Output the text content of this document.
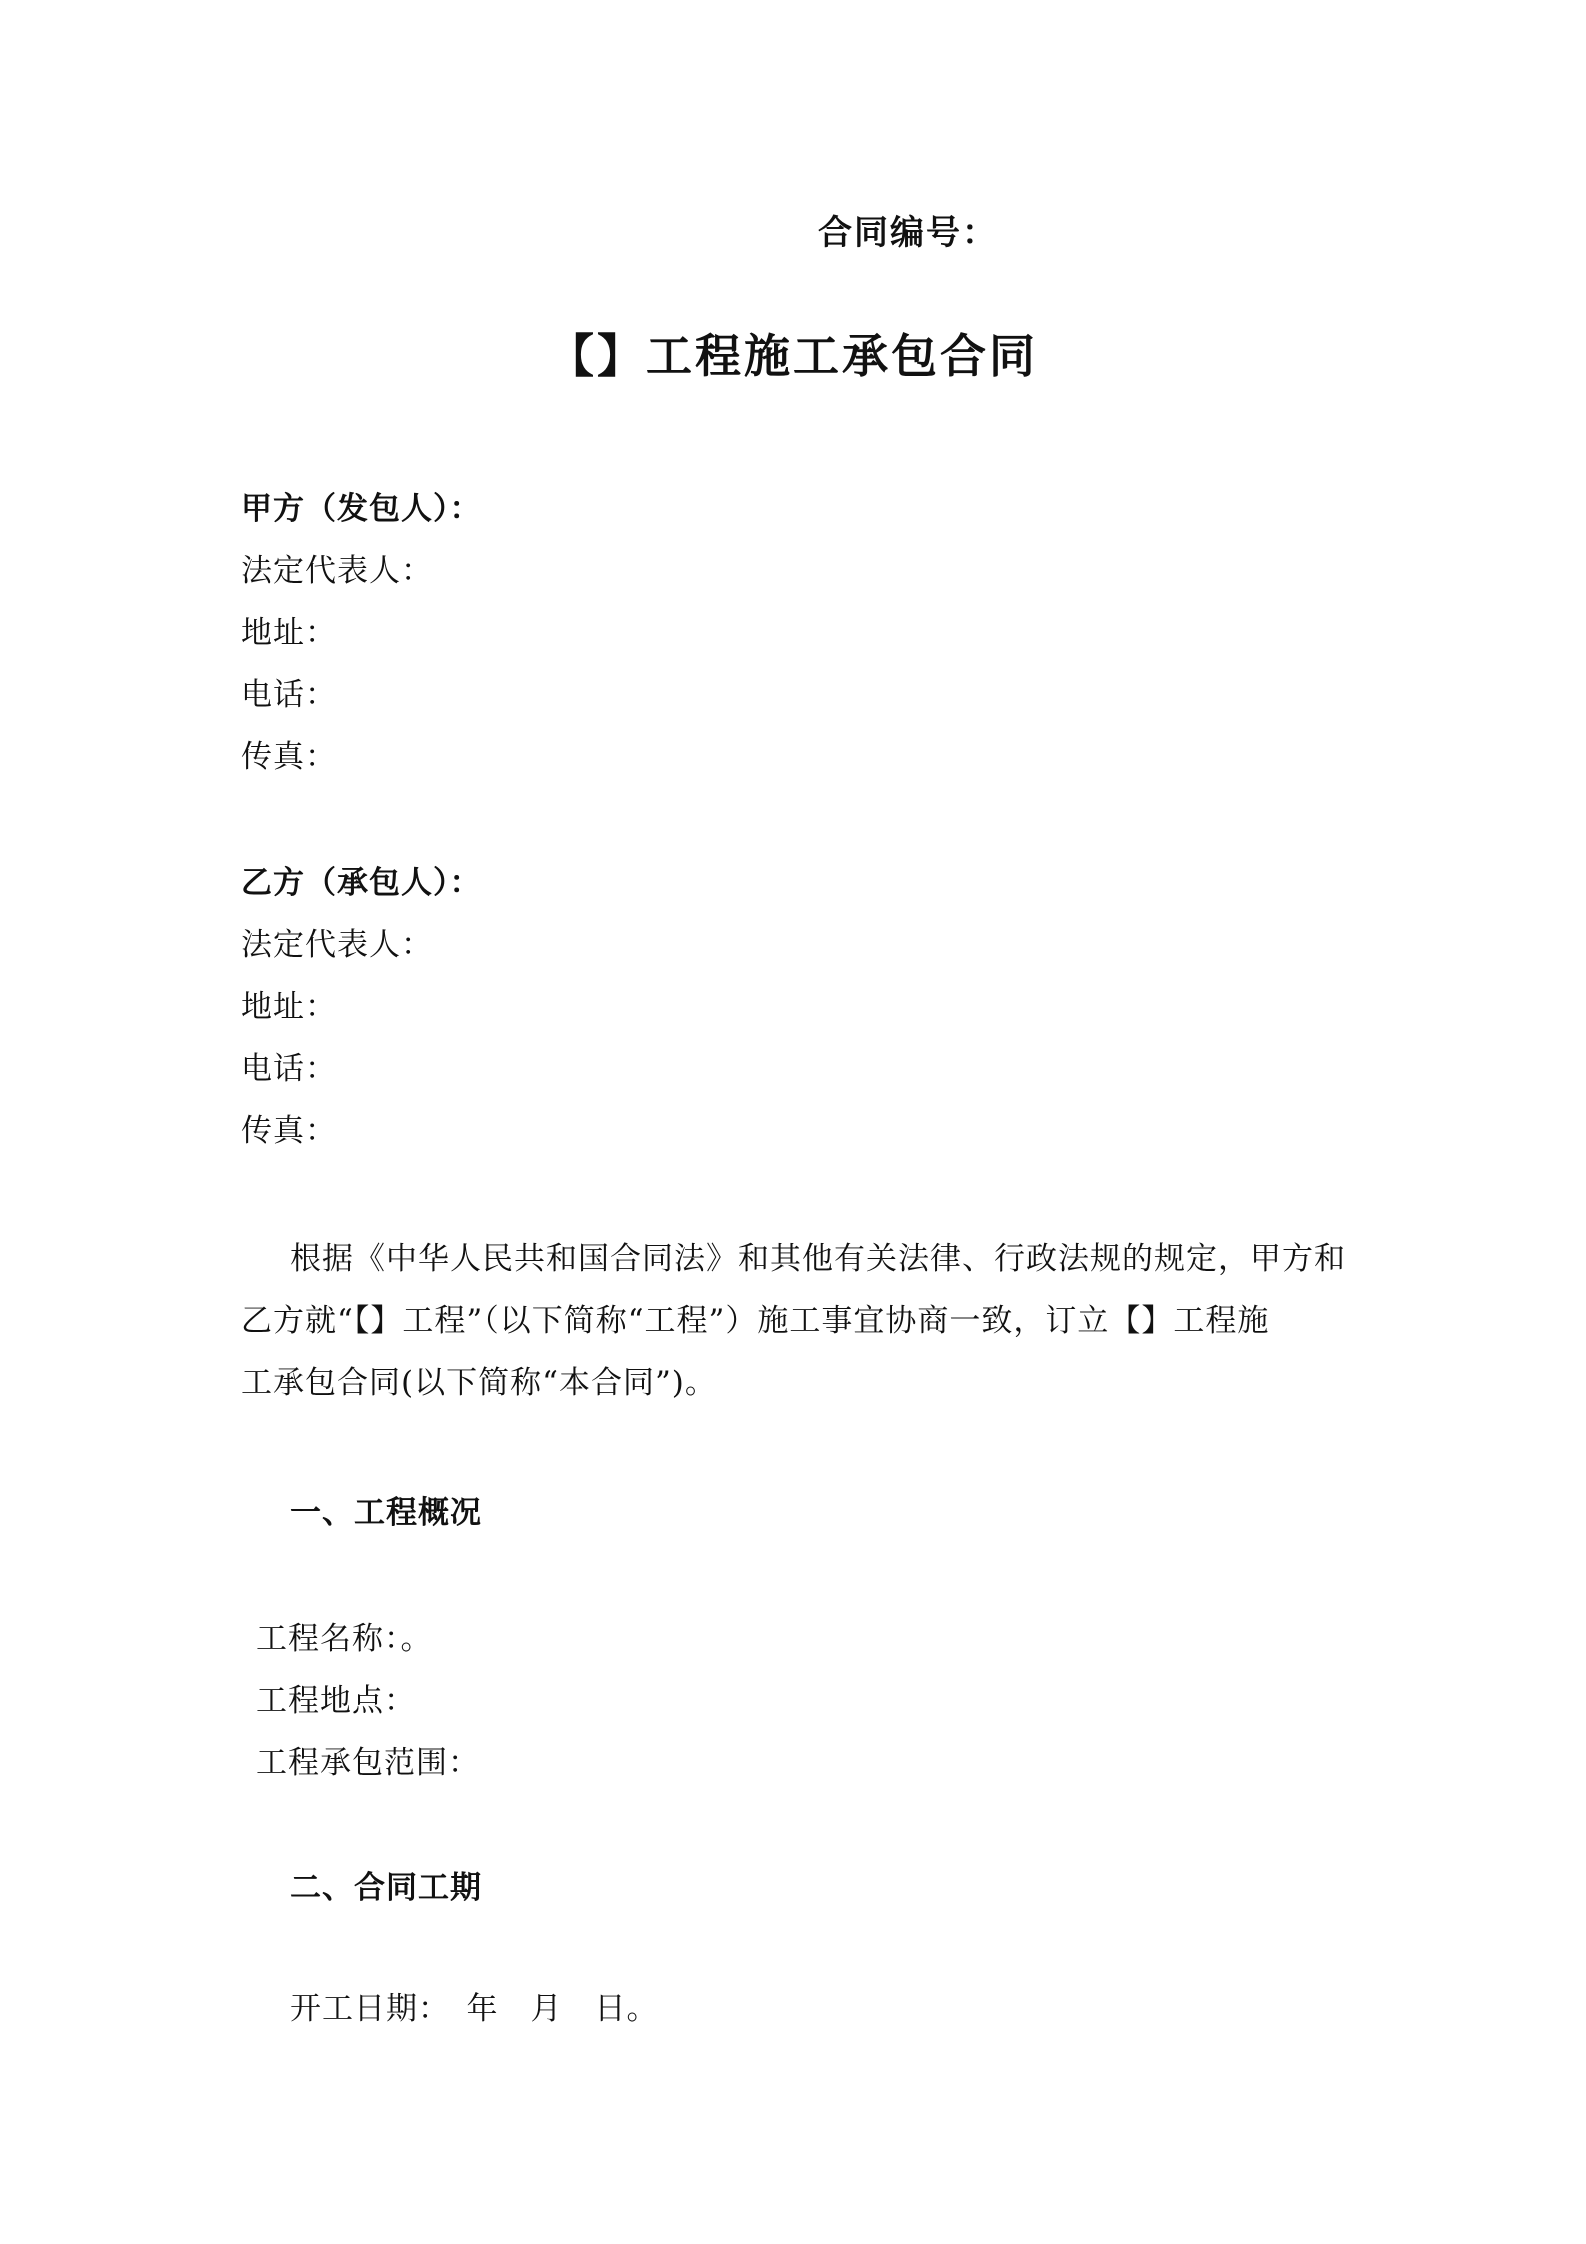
合同编号：
【】工程施工承包合同
甲方（发包人）：
法定代表人：
地址：
电话：
传真：
乙方（承包人）：
法定代表人：
地址：
电话：
传真：
根据《中华人民共和国合同法》和其他有关法律、行政法规的规定，甲方和
乙方就“【】工程”（以下简称“工程”）施工事宜协商一致，订立【】工程施
工承包合同(以下简称“本合同”)。
一、工程概况
工程名称：。
工程地点：
工程承包范围：
二、合同工期
开工日期：　年　月　日。
